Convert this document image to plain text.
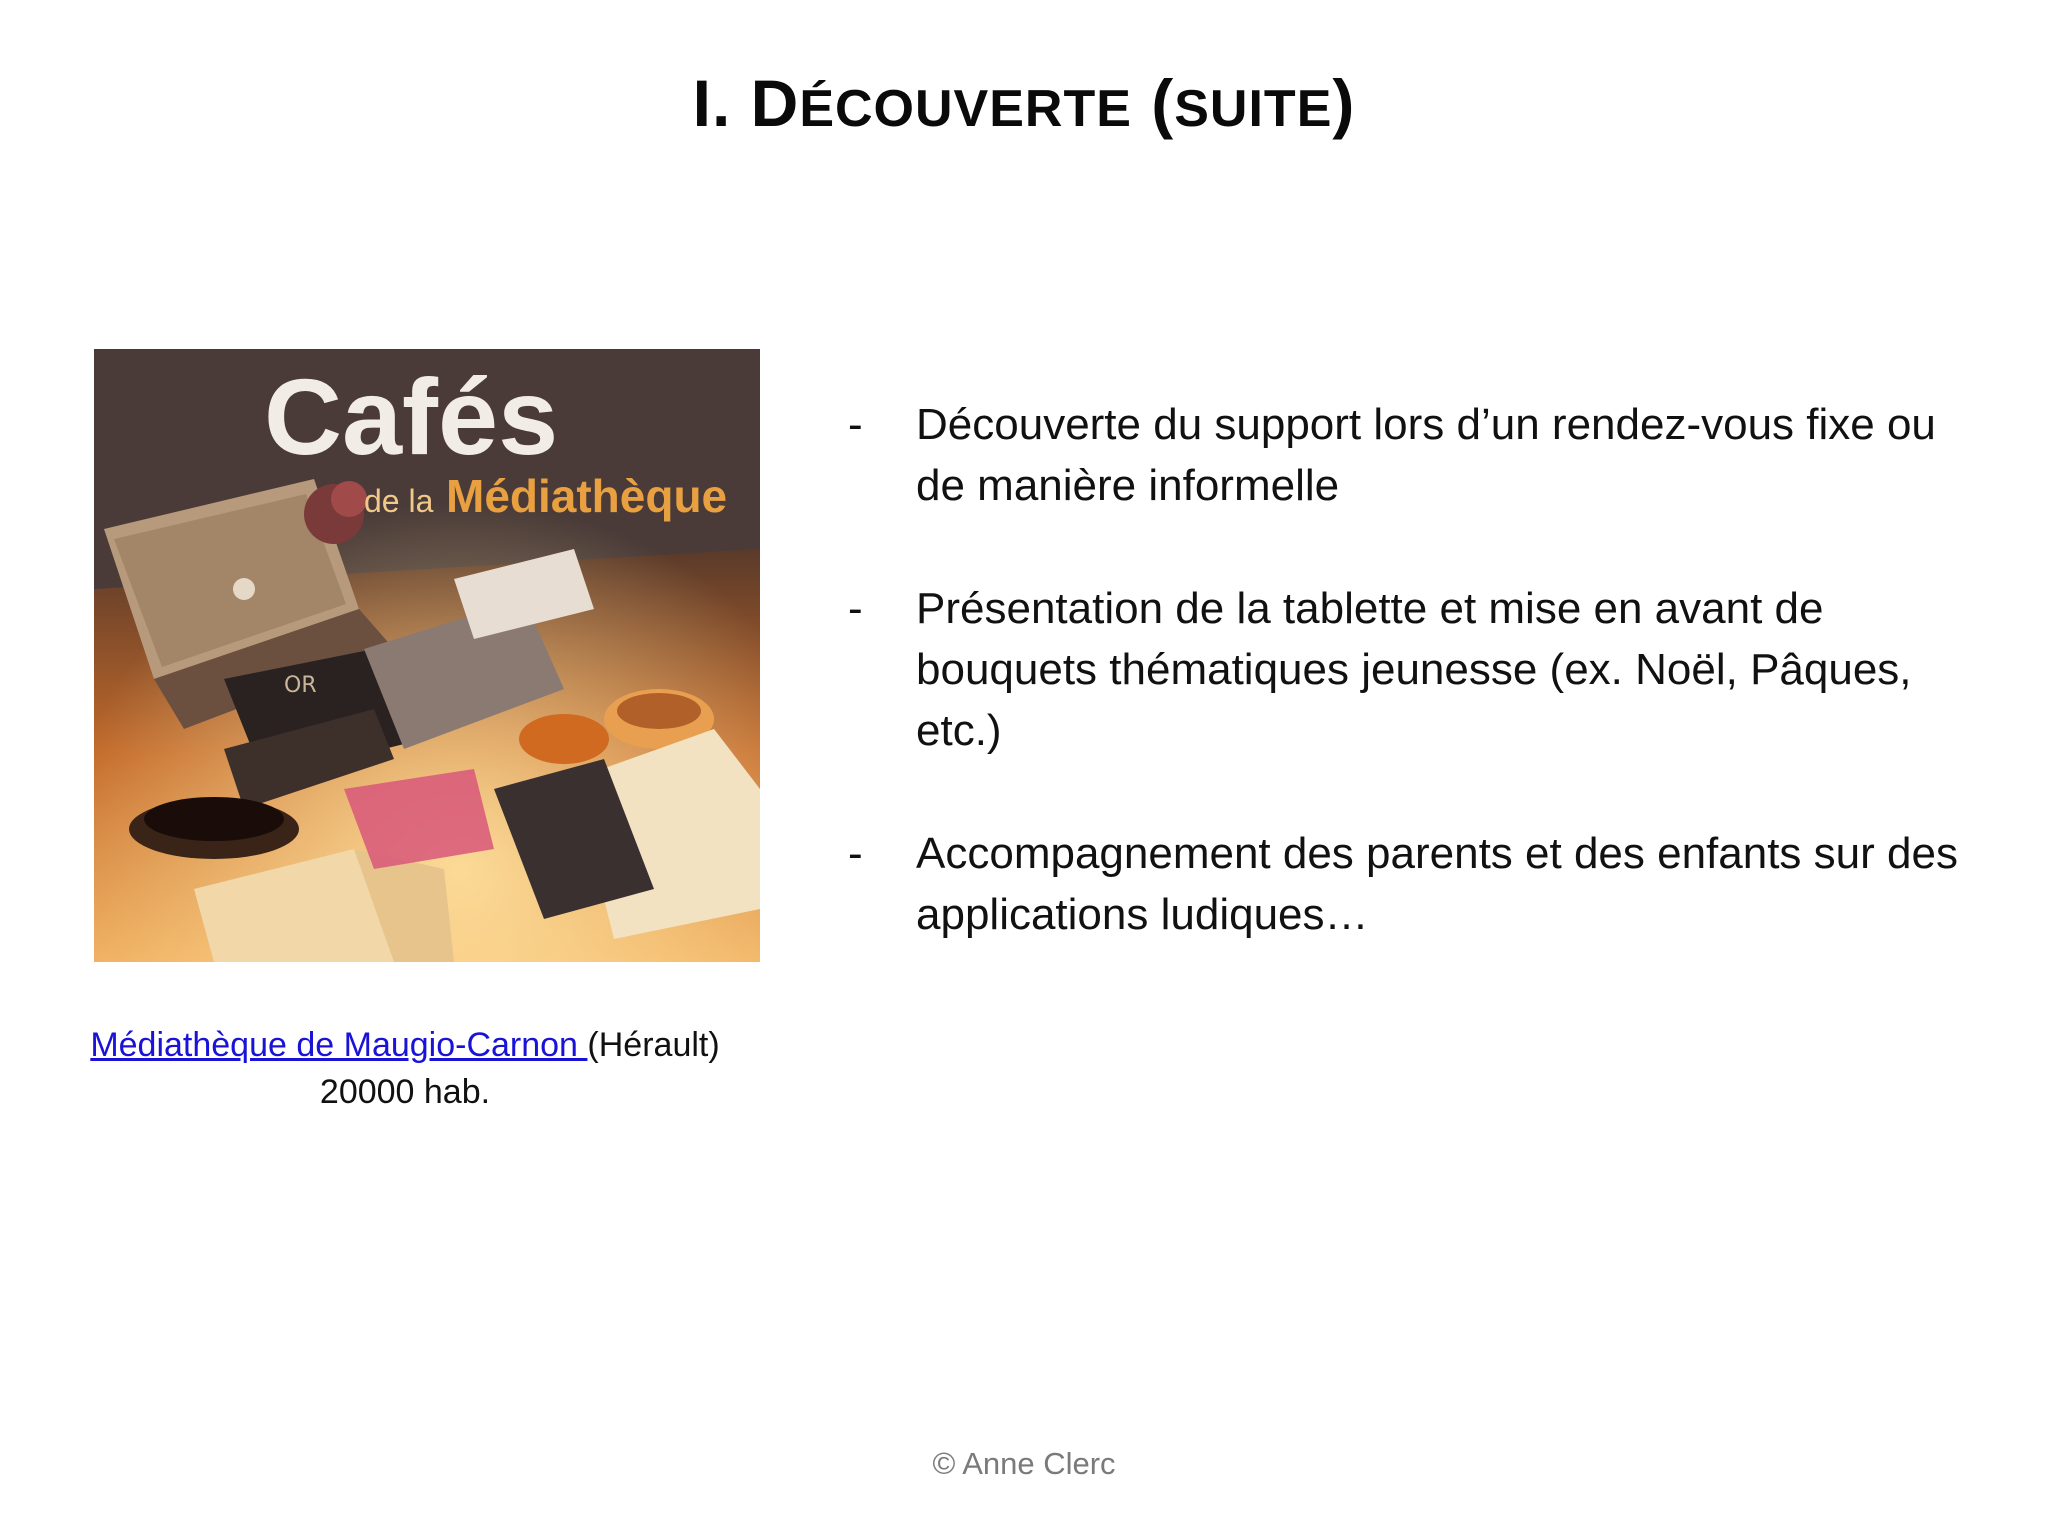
I. DÉCOUVERTE (SUITE)
OR
Cafés
de la Médiathèque
Médiathèque de Maugio-Carnon (Hérault)
20000 hab.
- Découverte du support lors d’un rendez-vous fixe ou de manière informelle
- Présentation de la tablette et mise en avant de bouquets thématiques jeunesse (ex. Noël, Pâques, etc.)
- Accompagnement des parents et des enfants sur des applications ludiques…
© Anne Clerc
